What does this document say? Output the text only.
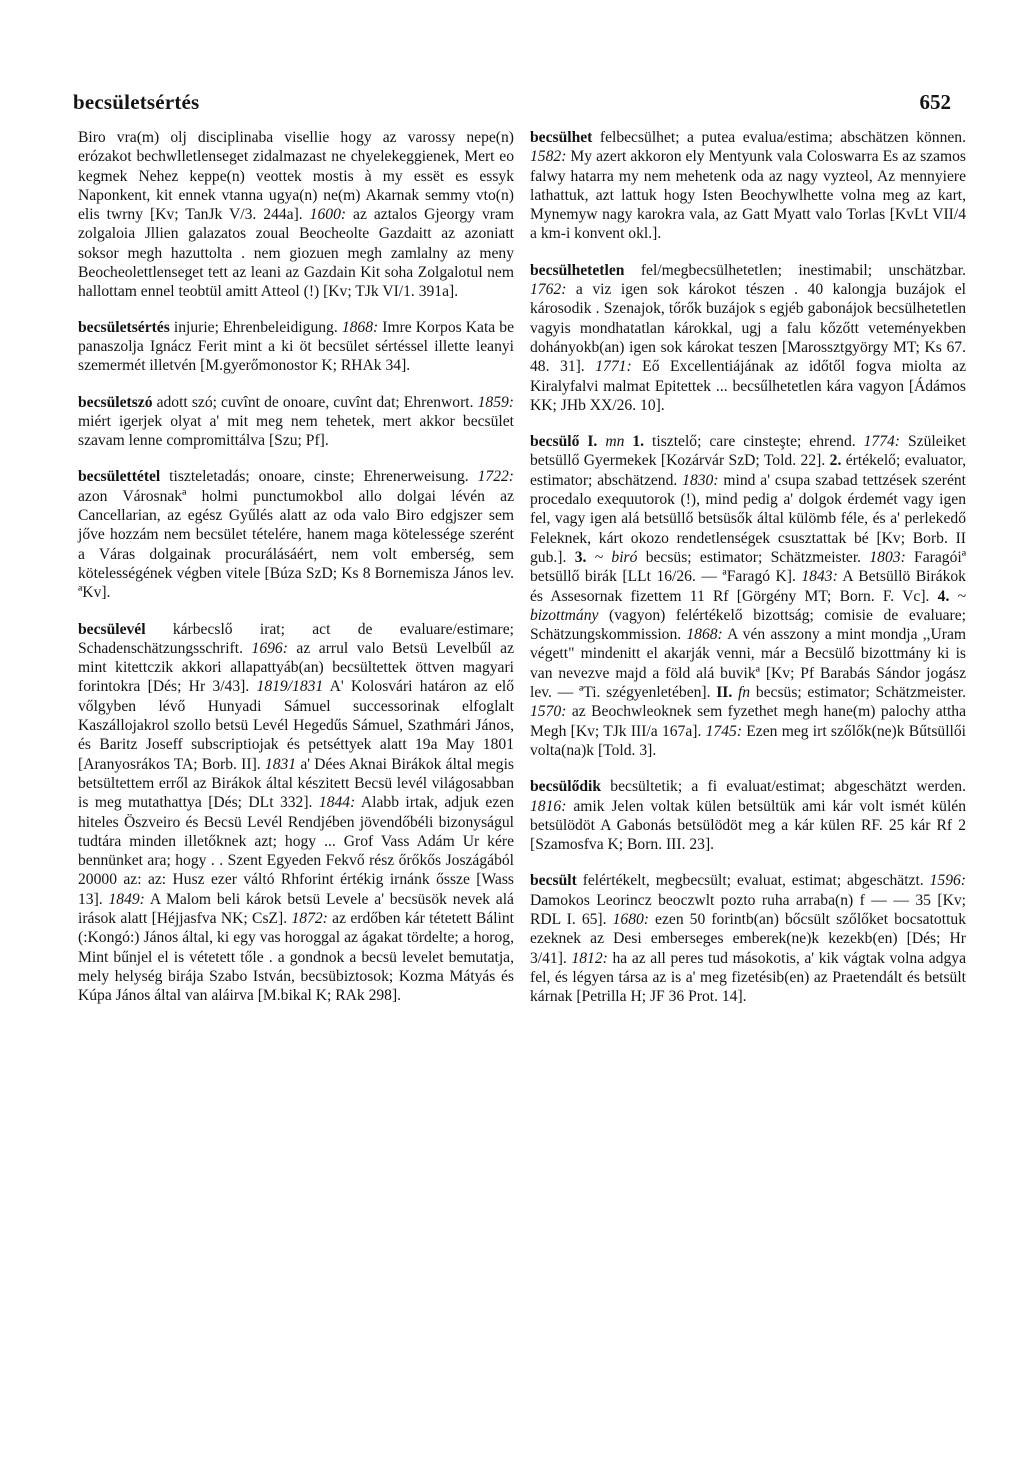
becsületsértés	652

Biro vra(m) olj disciplinaba visellie hogy az varossy nepe(n) erózakot bechwlletlenseget zidalmazast ne chyelekeggienek, Mert eo kegmek Nehez keppe(n) veottek mostis à my essët es essyk Naponkent, kit ennek vtanna ugya(n) ne(m) Akarnak semmy vto(n) elis twrny [Kv; TanJk V/3. 244a]. 1600: az aztalos Gjeorgy vram zolgaloia Jllien galazatos zoual Beocheolte Gazdaitt az azoniatt soksor megh hazuttolta . nem giozuen megh zamlalny az meny Beocheolettlenseget tett az leani az Gazdain Kit soha Zolgalotul nem hallottam ennel teobtül amitt Atteol (!) [Kv; TJk VI/1. 391a].

becsületsértés injurie; Ehrenbeleidigung. 1868: Imre Korpos Kata be panaszolja Ignácz Ferit mint a ki öt becsület sértéssel illette leanyi szemermét illetvén [M.gyerőmonostor K; RHAk 34].

becsületszó adott szó; cuvînt de onoare, cuvînt dat; Ehrenwort. 1859: miért igerjek olyat a' mit meg nem tehetek, mert akkor becsület szavam lenne compromittálva [Szu; Pf].

becsülettétel tiszteletadás; onoare, cinste; Ehrenerweisung. 1722: azon Városnakª holmi punctumokbol allo dolgai lévén az Cancellarian, az egész Gyűlés alatt az oda valo Biro edgjszer sem jőve hozzám nem becsület tételére, hanem maga kötelessége szerént a Váras dolgainak procurálásáért, nem volt emberség, sem kötelességének végben vitele [Búza SzD; Ks 8 Bornemisza János lev. ªKv].

becsülevél kárbecslő irat; act de evaluare/estimare; Schadenschätzungsschrift. 1696: az arrul valo Betsü Levelbűl az mint kitettczik akkori allapattyáb(an) becsültettek öttven magyari forintokra [Dés; Hr 3/43]. 1819/1831 A' Kolosvári határon az elő vőlgyben lévő Hunyadi Sámuel successorinak elfoglalt Kaszállojakrol szollo betsü Levél Hegedűs Sámuel, Szathmári János, és Baritz Joseff subscriptiojak és petséttyek alatt 19a May 1801 [Aranyosrákos TA; Borb. II]. 1831 a' Dées Aknai Birákok által megis betsültettem erről az Birákok által készitett Becsü levél világosabban is meg mutathattya [Dés; DLt 332]. 1844: Alabb irtak, adjuk ezen hiteles Öszveiro és Becsü Levél Rendjében jövendőbéli bizonyságul tudtára minden illetőknek azt; hogy ... Grof Vass Adám Ur kére bennünket ara; hogy . . Szent Egyeden Fekvő rész őrőkős Joszágából 20000 az: az: Husz ezer váltó Rhforint értékig irnánk őssze [Wass 13]. 1849: A Malom beli károk betsü Levele a' becsüsök nevek alá irások alatt [Héjjasfva NK; CsZ]. 1872: az erdőben kár tétetett Bálint (:Kongó:) János által, ki egy vas horoggal az ágakat tördelte; a horog, Mint bűnjel el is vétetett tőle . a gondnok a becsü levelet bemutatja, mely helység birája Szabo István, becsübiztosok; Kozma Mátyás és Kúpa János által van aláirva [M.bikal K; RAk 298].

becsülhet felbecsülhet; a putea evalua/estima; abschätzen können. 1582: My azert akkoron ely Mentyunk vala Coloswarra Es az szamos falwy hatarra my nem mehetenk oda az nagy vyzteol, Az mennyiere lathattuk, azt lattuk hogy Isten Beochywlhette volna meg az kart, Mynemyw nagy karokra vala, az Gatt Myatt valo Torlas [KvLt VII/4 a km-i konvent okl.].

becsülhetetlen fel/megbecsülhetetlen; inestimabil; unschätzbar. 1762: a viz igen sok károkot tészen . 40 kalongja buzájok el károsodik . Szenajok, tőrők buzájok s egjéb gabonájok becsülhetetlen vagyis mondhatatlan károkkal, ugj a falu kőzőtt veteményekben dohányokb(an) igen sok károkat teszen [Marossztgyörgy MT; Ks 67. 48. 31]. 1771: Eő Excellentiájának az időtől fogva miolta az Kiralyfalvi malmat Epitettek ... becsűlhetetlen kára vagyon [Ádámos KK; JHb XX/26. 10].

becsülő I. mn 1. tisztelő; care cinsteşte; ehrend. 1774: Szüleiket betsüllő Gyermekek [Kozárvár SzD; Told. 22]. 2. értékelő; evaluator, estimator; abschätzend. 1830: mind a' csupa szabad tettzések szerént procedalo exequutorok (!), mind pedig a' dolgok érdemét vagy igen fel, vagy igen alá betsüllő betsüsők által külömb féle, és a' perlekedő Feleknek, kárt okozo rendetlenségek csusztattak bé [Kv; Borb. II gub.]. 3. ~ biró becsüs; estimator; Schätzmeister. 1803: Faragóiª betsüllő birák [LLt 16/26. — ªFaragó K]. 1843: A Betsüllö Birákok és Assesornak fizettem 11 Rf [Görgény MT; Born. F. Vc]. 4. ~ bizottmány (vagyon) felértékelő bizottság; comisie de evaluare; Schätzungskommission. 1868: A vén asszony a mint mondja ,,Uram végett" mindenitt el akarják venni, már a Becsülő bizottmány ki is van nevezve majd a föld alá buvikª [Kv; Pf Barabás Sándor jogász lev. — ªTi. szégyenletében]. II. fn becsüs; estimator; Schätzmeister. 1570: az Beochwleoknek sem fyzethet megh hane(m) palochy attha Megh [Kv; TJk III/a 167a]. 1745: Ezen meg irt szőlők(ne)k Bűtsüllői volta(na)k [Told. 3].

becsülődik becsültetik; a fi evaluat/estimat; abgeschätzt werden. 1816: amik Jelen voltak külen betsültük ami kár volt ismét külén betsülödöt A Gabonás betsülödöt meg a kár külen RF. 25 kár Rf 2 [Szamosfva K; Born. III. 23].

becsült felértékelt, megbecsült; evaluat, estimat; abgeschätzt. 1596: Damokos Leorincz beoczwlt pozto ruha arraba(n) f — — 35 [Kv; RDL I. 65]. 1680: ezen 50 forintb(an) bőcsült szőlőket bocsatottuk ezeknek az Desi emberseges emberek(ne)k kezekb(en) [Dés; Hr 3/41]. 1812: ha az all peres tud másokotis, a' kik vágtak volna adgya fel, és légyen társa az is a' meg fizetésib(en) az Praetendált és betsült kárnak [Petrilla H; JF 36 Prot. 14].
